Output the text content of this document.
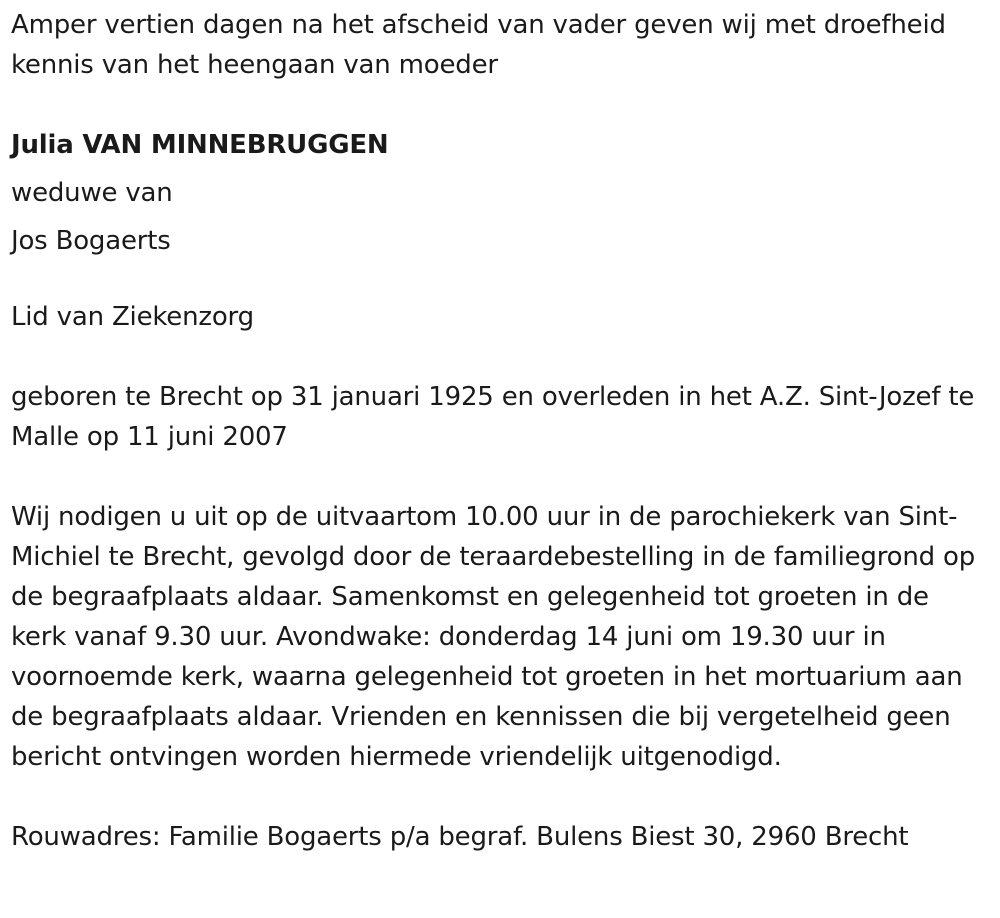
Amper vertien dagen na het afscheid van vader geven wij met droefheid kennis van het heengaan van moeder

Julia VAN MINNEBRUGGEN

weduwe van

Jos Bogaerts

Lid van Ziekenzorg

geboren te Brecht op 31 januari 1925 en overleden in het A.Z. Sint-Jozef te Malle op 11 juni 2007

Wij nodigen u uit op de uitvaartom 10.00 uur in de parochiekerk van Sint-Michiel te Brecht, gevolgd door de teraardebestelling in de familiegrond op de begraafplaats aldaar. Samenkomst en gelegenheid tot groeten in de kerk vanaf 9.30 uur. Avondwake: donderdag 14 juni om 19.30 uur in voornoemde kerk, waarna gelegenheid tot groeten in het mortuarium aan de begraafplaats aldaar. Vrienden en kennissen die bij vergetelheid geen bericht ontvingen worden hiermede vriendelijk uitgenodigd.

Rouwadres: Familie Bogaerts p/a begraf. Bulens Biest 30, 2960 Brecht
